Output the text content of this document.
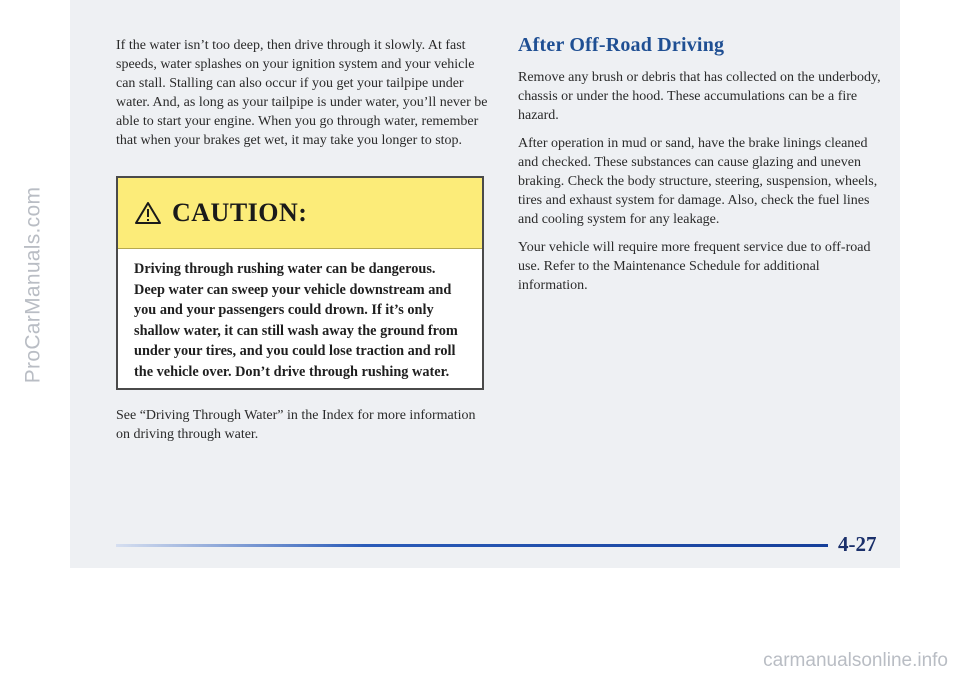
ProCarManuals.com

If the water isn’t too deep, then drive through it slowly. At fast speeds, water splashes on your ignition system and your vehicle can stall. Stalling can also occur if you get your tailpipe under water. And, as long as your tailpipe is under water, you’ll never be able to start your engine. When you go through water, remember that when your brakes get wet, it may take you longer to stop.

CAUTION:
Driving through rushing water can be dangerous. Deep water can sweep your vehicle downstream and you and your passengers could drown. If it’s only shallow water, it can still wash away the ground from under your tires, and you could lose traction and roll the vehicle over. Don’t drive through rushing water.

See “Driving Through Water” in the Index for more information on driving through water.

After Off-Road Driving

Remove any brush or debris that has collected on the underbody, chassis or under the hood. These accumulations can be a fire hazard.

After operation in mud or sand, have the brake linings cleaned and checked. These substances can cause glazing and uneven braking. Check the body structure, steering, suspension, wheels, tires and exhaust system for damage. Also, check the fuel lines and cooling system for any leakage.

Your vehicle will require more frequent service due to off-road use. Refer to the Maintenance Schedule for additional information.

4-27
carmanualsonline.info
